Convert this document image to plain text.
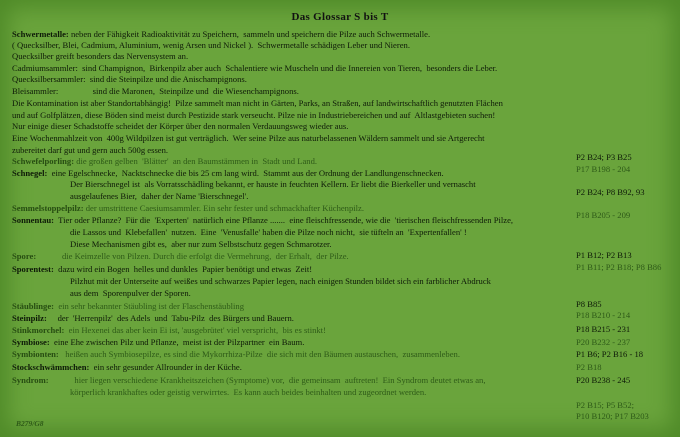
Das Glossar S bis T
Schwermetalle: neben der Fähigkeit Radioaktivität zu Speichern,  sammeln und speichern die Pilze auch Schwermetalle.
( Quecksilber, Blei, Cadmium, Aluminium, wenig Arsen und Nickel ).  Schwermetalle schädigen Leber und Nieren.
Quecksilber greift besonders das Nervensystem an.
Cadmiumsammler:  sind Champignon,  Birkenpilz aber auch  Schalentiere wie Muscheln und die Innereien von Tieren,  besonders die Leber.
Quecksilbersammler:  sind die Steinpilze und die Anischampignons.
Bleisammler:                sind die Maronen,  Steinpilze und  die Wiesenchampignons.
Die Kontamination ist aber Standortabhängig!  Pilze sammelt man nicht in Gärten, Parks, an Straßen, auf landwirtschaftlich genutzten Flächen
und auf Golfplätzen, diese Böden sind meist durch Pestizide stark verseucht. Pilze nie in Industriebereichen und auf  Altlastgebieten suchen!
Nur einige dieser Schadstoffe scheidet der Körper über den normalen Verdauungsweg wieder aus.
Eine Wochenmahlzeit von  400g Wildpilzen ist gut verträglich.  Wer seine Pilze aus naturbelassenen Wäldern sammelt und sie Artgerecht
zubereitet darf gut und gern auch 500g essen.
Schwefelporling: die großen gelben  'Blätter'  an den Baumstämmen in  Stadt und Land.
Schnegel:  eine Egelschnecke,  Nacktschnecke die bis 25 cm lang wird.  Stammt aus der Ordnung der Landlungenschnecken.
Der Bierschnegel ist  als Vorratsschädling bekannt, er hauste in feuchten Kellern. Er liebt die Bierkeller und vernascht
ausgelaufenes Bier,  daher der Name 'Bierschnegel'.
Semmelstoppelpilz: der umstrittene Caesiumsammler. Ein sehr fester und schmackhafter Küchenpilz.
Sonnentau:  Tier oder Pflanze?  Für die  'Experten'  natürlich eine Pflanze .......  eine fleischfressende, wie die  'tierischen fleischfressenden Pilze,
die Lassos und  Klebefallen'  nutzen.  Eine  'Venusfalle' haben die Pilze noch nicht,  sie tüfteln an  'Expertenfallen' !
Diese Mechanismen gibt es,  aber nur zum Selbstschutz gegen Schmarotzer.
Spore:            die Keimzelle von Pilzen. Durch die erfolgt die Vermehrung,  der Erhalt,  der Pilze.
Sporentest:  dazu wird ein Bogen  helles und dunkles  Papier benötigt und etwas  Zeit!
Pilzhut mit der Unterseite auf weißes und schwarzes Papier legen, nach einigen Stunden bildet sich ein farblicher Abdruck
aus dem  Sporenpulver der Sporen.
Stäublinge:  ein sehr bekannter Stäubling ist der Flaschenstäubling
Steinpilz:     der  'Herrenpilz'  des Adels  und  Tabu-Pilz  des Bürgers und Bauern.
Stinkmorchel:  ein Hexenei das aber kein Ei ist, 'ausgebrütet' viel verspricht,  bis es stinkt!
Symbiose:  eine Ehe zwischen Pilz und Pflanze,  meist ist der Pilzpartner  ein Baum.
Symbionten:   heißen auch Symbiosepilze, es sind die Mykorrhiza-Pilze  die sich mit den Bäumen austauschen,  zusammenleben.
Stockschwämmchen:  ein sehr gesunder Allrounder in der Küche.
Syndrom:            hier liegen verschiedene Krankheitszeichen (Symptome) vor,  die gemeinsam  auftreten!  Ein Syndrom deutet etwas an,
körperlich krankhaftes oder geistig verwirrtes.  Es kann auch beides beinhalten und zugeordnet werden.
P2 B24; P3 B25
P17 B198 - 204
P2 B24; P8 B92, 93
P18 B205 - 209
P1 B12; P2 B13
P1 B11; P2 B18; P8 B86
P8 B85
P18 B210 - 214
P18 B215 - 231
P20 B232 - 237
P1 B6; P2 B16 - 18
P2 B18
P20 B238 - 245
P2 B15; P5 B52;
P10 B120; P17 B203
B279/G8
